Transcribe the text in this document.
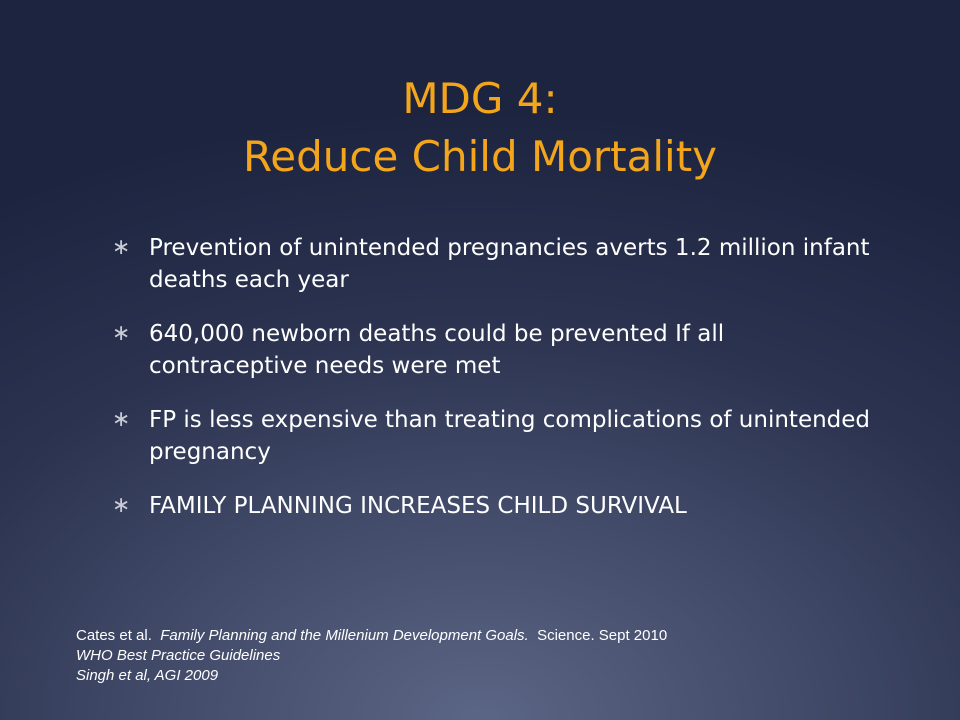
MDG 4:
Reduce Child Mortality
∗ Prevention of unintended pregnancies averts 1.2 million infant deaths each year
∗ 640,000 newborn deaths could be prevented If all contraceptive needs were met
∗ FP is less expensive than treating complications of unintended pregnancy
∗ FAMILY PLANNING INCREASES CHILD SURVIVAL
Cates et al. Family Planning and the Millenium Development Goals. Science. Sept 2010
WHO Best Practice Guidelines
Singh et al, AGI 2009
